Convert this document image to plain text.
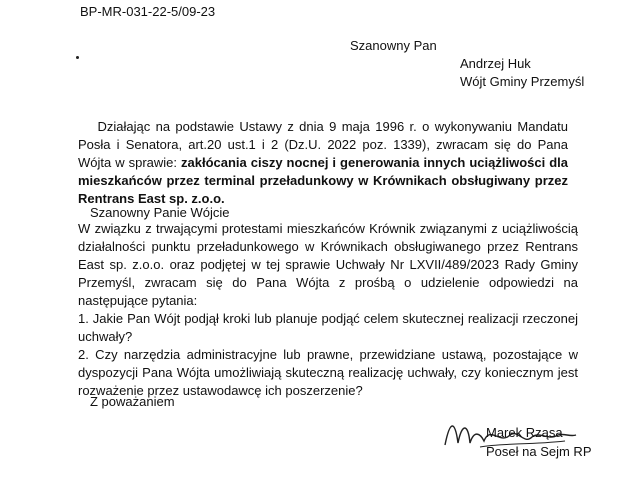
BP-MR-031-22-5/09-23
Szanowny Pan
Andrzej Huk
Wójt Gminy Przemyśl
  Działając na podstawie Ustawy z dnia 9 maja 1996 r. o wykonywaniu Mandatu Posła i Senatora, art.20 ust.1 i 2 (Dz.U. 2022 poz. 1339), zwracam się do Pana Wójta w sprawie: zakłócania ciszy nocnej i generowania innych uciążliwości dla mieszkańców przez terminal przeładunkowy w Krównikach obsługiwany przez Rentrans East sp. z.o.o.
Szanowny Panie Wójcie

W związku z trwającymi protestami mieszkańców Krównik związanymi z uciążliwością działalności punktu przeładunkowego w Krównikach obsługiwanego przez Rentrans East sp. z.o.o. oraz podjętej w tej sprawie Uchwały Nr LXVII/489/2023 Rady Gminy Przemyśl, zwracam się do Pana Wójta z prośbą o udzielenie odpowiedzi na następujące pytania:

1. Jakie Pan Wójt podjął kroki lub planuje podjąć celem skutecznej realizacji rzeczonej uchwały?

2. Czy narzędzia administracyjne lub prawne, przewidziane ustawą, pozostające w dyspozycji Pana Wójta umożliwiają skuteczną realizację uchwały, czy koniecznym jest rozważenie przez ustawodawcę ich poszerzenie?

Z poważaniem
Marek Rząsa
Poseł na Sejm RP
